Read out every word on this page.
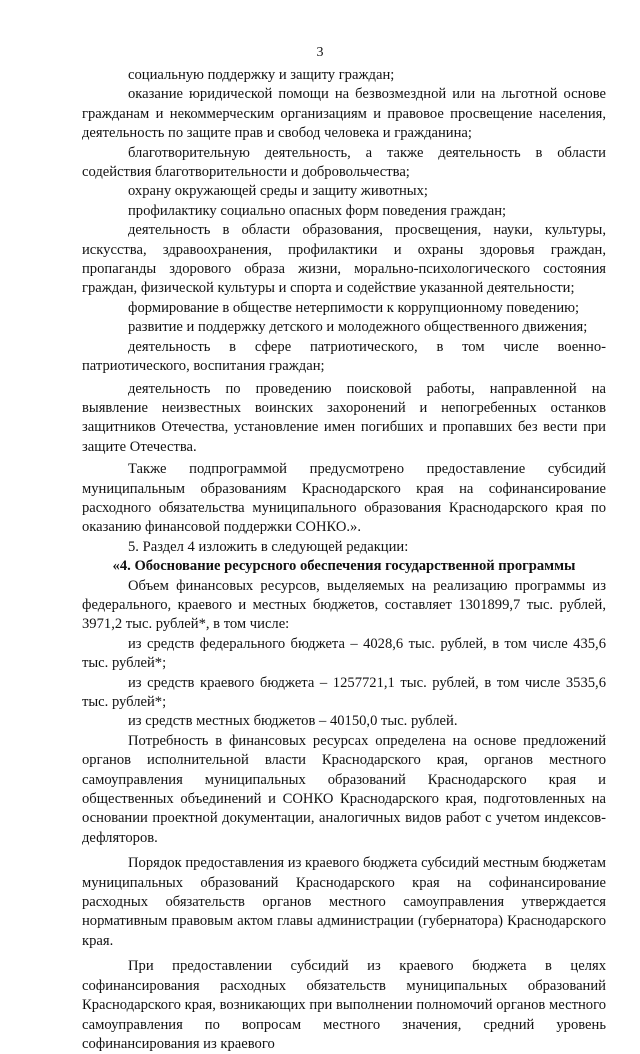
3

социальную поддержку и защиту граждан;

оказание юридической помощи на безвозмездной или на льготной основе гражданам и некоммерческим организациям и правовое просвещение населения, деятельность по защите прав и свобод человека и гражданина;

благотворительную деятельность, а также деятельность в области содействия благотворительности и добровольчества;

охрану окружающей среды и защиту животных;

профилактику социально опасных форм поведения граждан;

деятельность в области образования, просвещения, науки, культуры, искусства, здравоохранения, профилактики и охраны здоровья граждан, пропаганды здорового образа жизни, морально-психологического состояния граждан, физической культуры и спорта и содействие указанной деятельности;

формирование в обществе нетерпимости к коррупционному поведению;

развитие и поддержку детского и молодежного общественного движения;

деятельность в сфере патриотического, в том числе военно-патриотического, воспитания граждан;

деятельность по проведению поисковой работы, направленной на выявление неизвестных воинских захоронений и непогребенных останков защитников Отечества, установление имен погибших и пропавших без вести при защите Отечества.

Также подпрограммой предусмотрено предоставление субсидий муниципальным образованиям Краснодарского края на софинансирование расходного обязательства муниципального образования Краснодарского края по оказанию финансовой поддержки СОНКО.».

5. Раздел 4 изложить в следующей редакции:

«4. Обоснование ресурсного обеспечения государственной программы

Объем финансовых ресурсов, выделяемых на реализацию программы из федерального, краевого и местных бюджетов, составляет 1301899,7 тыс. рублей, 3971,2 тыс. рублей*, в том числе:

из средств федерального бюджета – 4028,6 тыс. рублей, в том числе 435,6 тыс. рублей*;

из средств краевого бюджета – 1257721,1 тыс. рублей, в том числе 3535,6 тыс. рублей*;

из средств местных бюджетов – 40150,0 тыс. рублей.

Потребность в финансовых ресурсах определена на основе предложений органов исполнительной власти Краснодарского края, органов местного самоуправления муниципальных образований Краснодарского края и общественных объединений и СОНКО Краснодарского края, подготовленных на основании проектной документации, аналогичных видов работ с учетом индексов-дефляторов.

Порядок предоставления из краевого бюджета субсидий местным бюджетам муниципальных образований Краснодарского края на софинансирование расходных обязательств органов местного самоуправления утверждается нормативным правовым актом главы администрации (губернатора) Краснодарского края.

При предоставлении субсидий из краевого бюджета в целях софинансирования расходных обязательств муниципальных образований Краснодарского края, возникающих при выполнении полномочий органов местного самоуправления по вопросам местного значения, средний уровень софинансирования из краевого
